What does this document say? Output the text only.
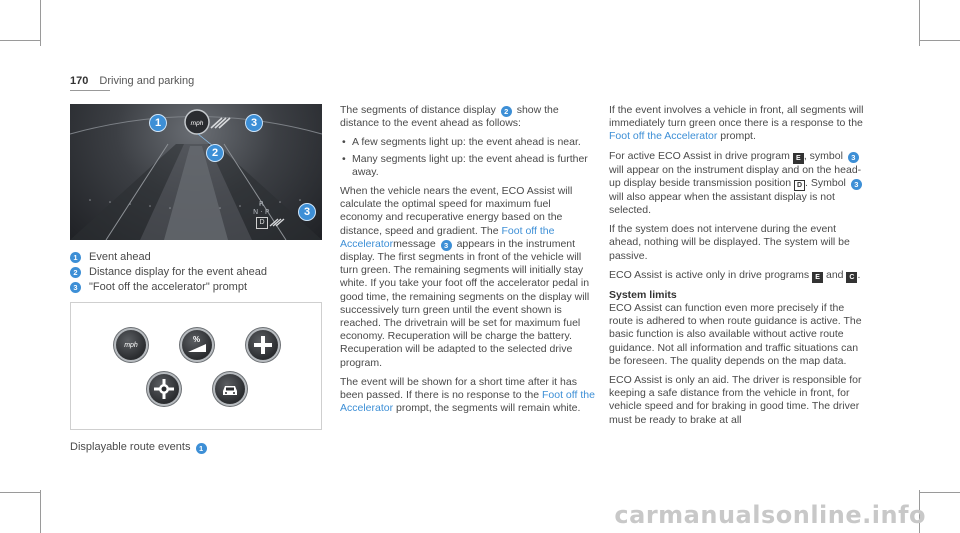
170 Driving and parking
mph
R
N · P
D
1
2
3
3
1	Event ahead
2	Distance display for the event ahead
3	"Foot off the accelerator" prompt
mph
%
Displayable route events 1

The segments of distance display 2 show the distance to the event ahead as follows:

• A few segments light up: the event ahead is near.
• Many segments light up: the event ahead is further away.

When the vehicle nears the event, ECO Assist will calculate the optimal speed for maximum fuel economy and recuperative energy based on the distance, speed and gradient. The Foot off the Acceleratormessage 3 appears in the instrument display. The first segments in front of the vehicle will turn green. The remaining segments will initially stay white. If you take your foot off the accelerator pedal in good time, the remaining segments on the display will successively turn green until the event shown is reached. The drivetrain will be set for maximum fuel economy. Recuperation will be charge the battery. Recuperation will be adapted to the selected drive program.

The event will be shown for a short time after it has been passed. If there is no response to the Foot off the Accelerator prompt, the segments will remain white.

If the event involves a vehicle in front, all segments will immediately turn green once there is a response to the Foot off the Accelerator prompt.

For active ECO Assist in drive program E , symbol 3 will appear on the instrument display and on the head-up display beside transmission position D . Symbol 3 will also appear when the assistant display is not selected.

If the system does not intervene during the event ahead, nothing will be displayed. The system will be passive.

ECO Assist is active only in drive programs E and C .

System limits

ECO Assist can function even more precisely if the route is adhered to when route guidance is active. The basic function is also available without active route guidance. Not all information and traffic situations can be foreseen. The quality depends on the map data.

ECO Assist is only an aid. The driver is responsible for keeping a safe distance from the vehicle in front, for vehicle speed and for braking in good time. The driver must be ready to brake at all

carmanualsonline.info
